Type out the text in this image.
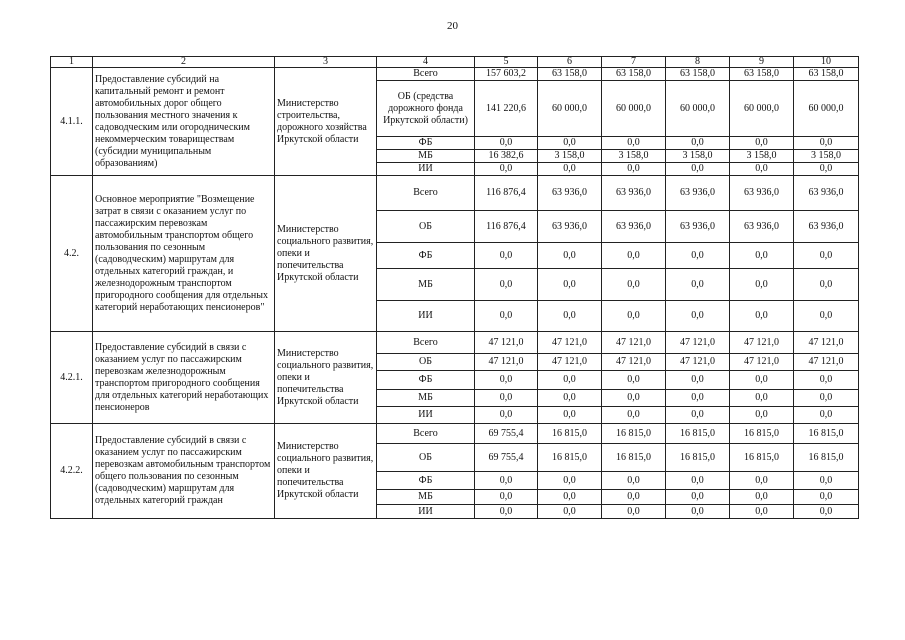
20
1	2	3	4	5	6	7	8	9	10
4.1.1.	Предоставление субсидий на капитальный ремонт и ремонт автомобильных дорог общего пользования местного значения к садоводческим или огородническим некоммерческим товариществам (субсидии муниципальным образованиям)	Министерство строительства, дорожного хозяйства Иркутской области	Всего	157 603,2	63 158,0	63 158,0	63 158,0	63 158,0	63 158,0
			ОБ (средства дорожного фонда Иркутской области)	141 220,6	60 000,0	60 000,0	60 000,0	60 000,0	60 000,0
			ФБ	0,0	0,0	0,0	0,0	0,0	0,0
			МБ	16 382,6	3 158,0	3 158,0	3 158,0	3 158,0	3 158,0
			ИИ	0,0	0,0	0,0	0,0	0,0	0,0
4.2.	Основное мероприятие "Возмещение затрат в связи с оказанием услуг по пассажирским перевозкам автомобильным транспортом общего пользования по сезонным (садоводческим) маршрутам для отдельных категорий граждан, и железнодорожным транспортом пригородного сообщения для отдельных категорий неработающих пенсионеров"	Министерство социального развития, опеки и попечительства Иркутской области	Всего	116 876,4	63 936,0	63 936,0	63 936,0	63 936,0	63 936,0
			ОБ	116 876,4	63 936,0	63 936,0	63 936,0	63 936,0	63 936,0
			ФБ	0,0	0,0	0,0	0,0	0,0	0,0
			МБ	0,0	0,0	0,0	0,0	0,0	0,0
			ИИ	0,0	0,0	0,0	0,0	0,0	0,0
4.2.1.	Предоставление субсидий в связи с оказанием услуг по пассажирским перевозкам железнодорожным транспортом пригородного сообщения для отдельных категорий неработающих пенсионеров	Министерство социального развития, опеки и попечительства Иркутской области	Всего	47 121,0	47 121,0	47 121,0	47 121,0	47 121,0	47 121,0
			ОБ	47 121,0	47 121,0	47 121,0	47 121,0	47 121,0	47 121,0
			ФБ	0,0	0,0	0,0	0,0	0,0	0,0
			МБ	0,0	0,0	0,0	0,0	0,0	0,0
			ИИ	0,0	0,0	0,0	0,0	0,0	0,0
4.2.2.	Предоставление субсидий в связи с оказанием услуг по пассажирским перевозкам автомобильным транспортом общего пользования по сезонным (садоводческим) маршрутам для отдельных категорий граждан	Министерство социального развития, опеки и попечительства Иркутской области	Всего	69 755,4	16 815,0	16 815,0	16 815,0	16 815,0	16 815,0
			ОБ	69 755,4	16 815,0	16 815,0	16 815,0	16 815,0	16 815,0
			ФБ	0,0	0,0	0,0	0,0	0,0	0,0
			МБ	0,0	0,0	0,0	0,0	0,0	0,0
			ИИ	0,0	0,0	0,0	0,0	0,0	0,0
